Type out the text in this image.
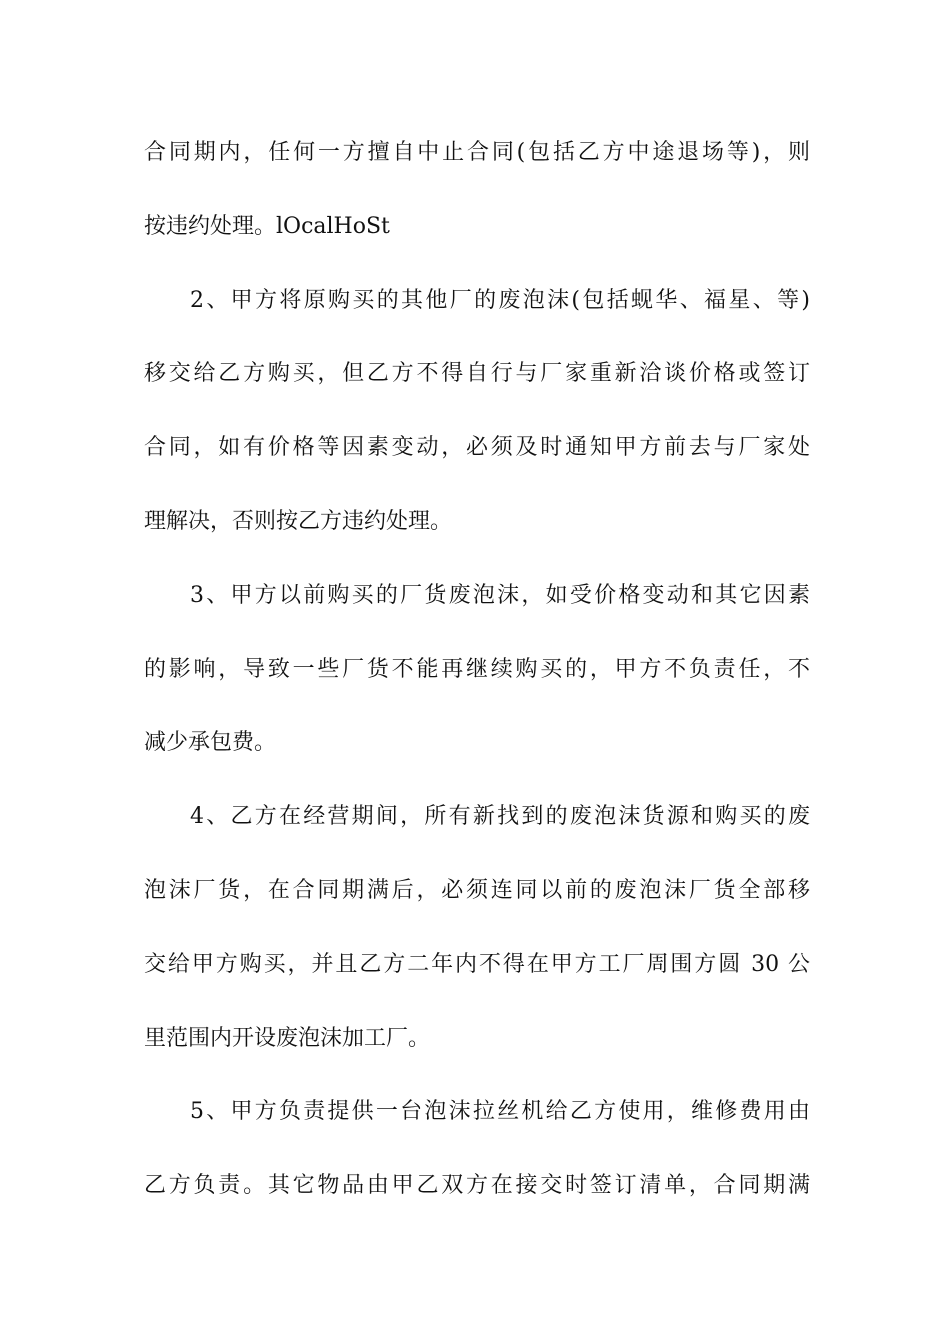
合同期内，任何一方擅自中止合同(包括乙方中途退场等)，则
按违约处理。lOcalHoSt
2、甲方将原购买的其他厂的废泡沫(包括蚬华、福星、等)
移交给乙方购买，但乙方不得自行与厂家重新洽谈价格或签订
合同，如有价格等因素变动，必须及时通知甲方前去与厂家处
理解决，否则按乙方违约处理。
3、甲方以前购买的厂货废泡沫，如受价格变动和其它因素
的影响，导致一些厂货不能再继续购买的，甲方不负责任，不
减少承包费。
4、乙方在经营期间，所有新找到的废泡沫货源和购买的废
泡沫厂货，在合同期满后，必须连同以前的废泡沫厂货全部移
交给甲方购买，并且乙方二年内不得在甲方工厂周围方圆 30 公
里范围内开设废泡沫加工厂。
5、甲方负责提供一台泡沫拉丝机给乙方使用，维修费用由
乙方负责。其它物品由甲乙双方在接交时签订清单，合同期满
